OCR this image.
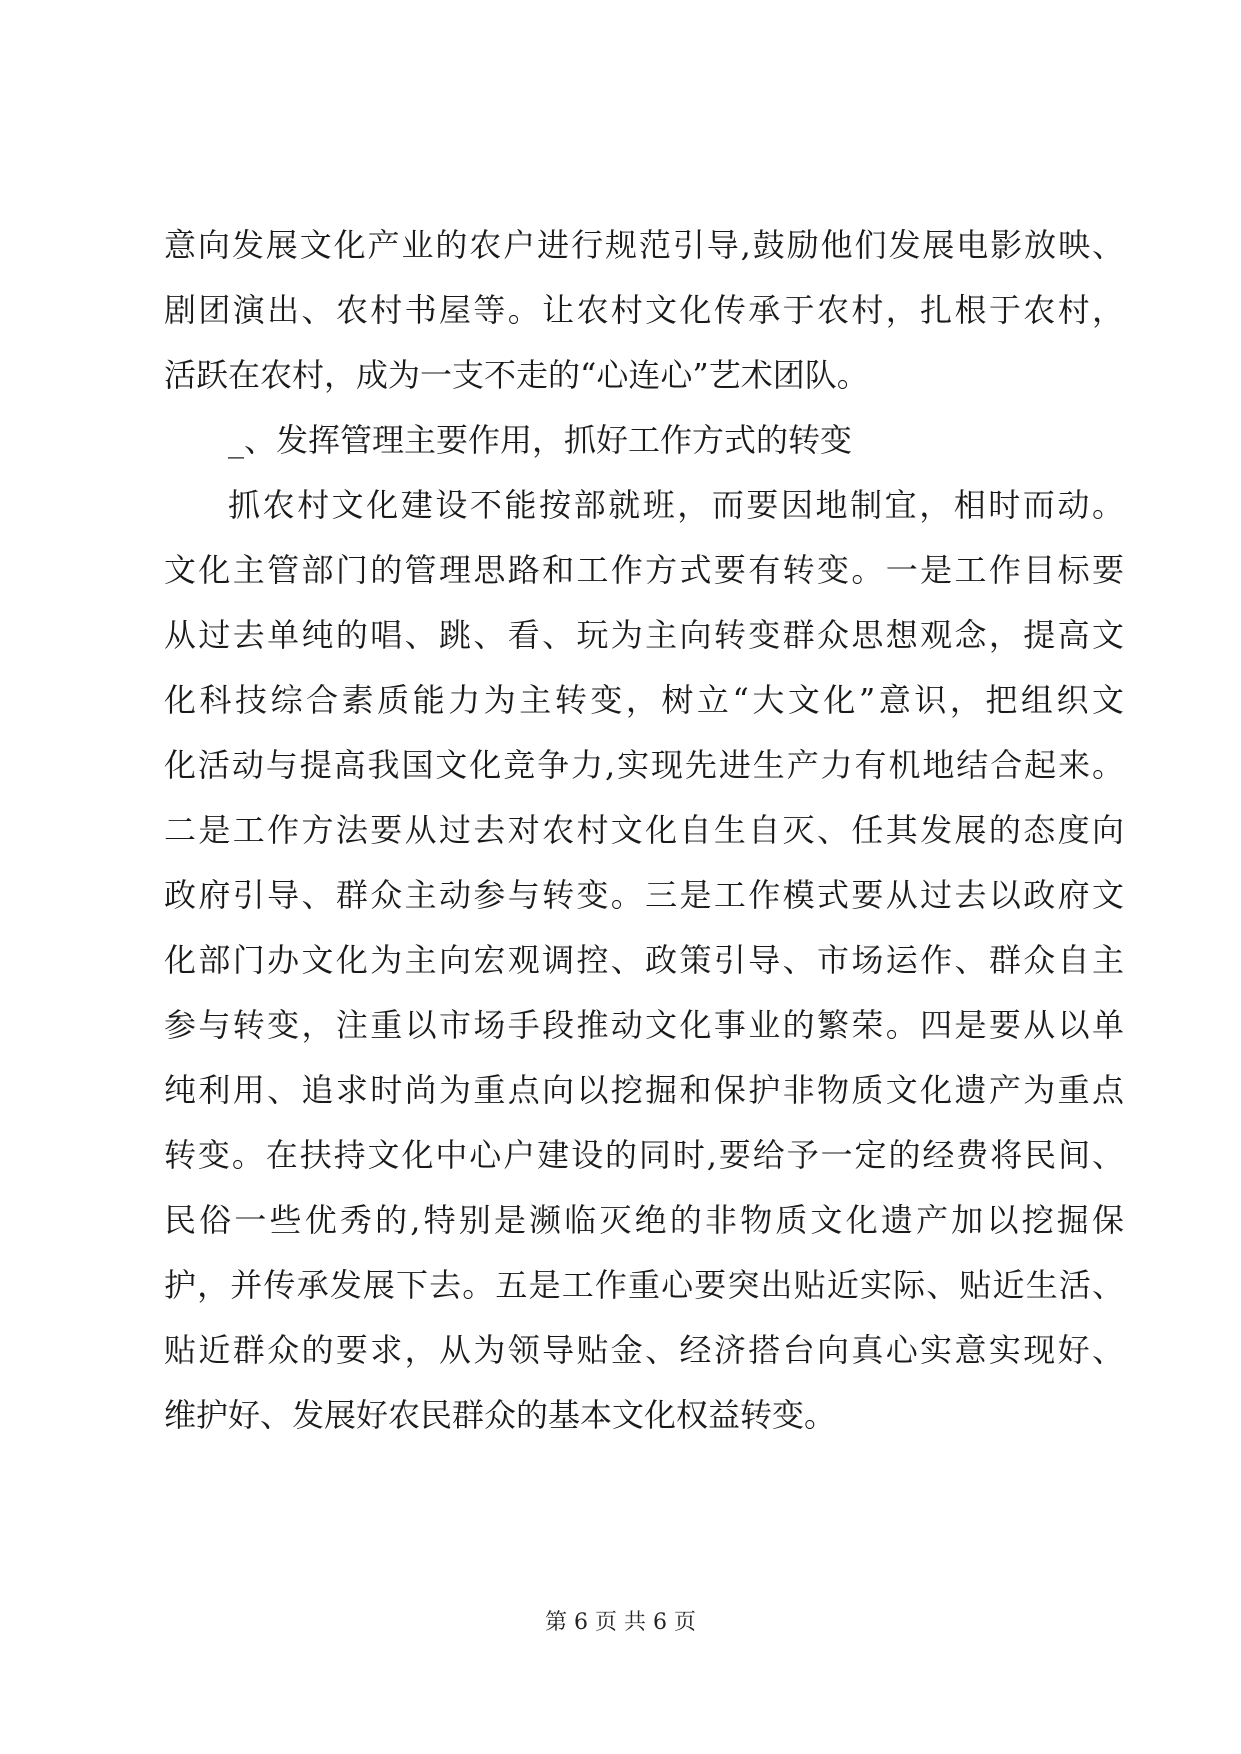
意向发展文化产业的农户进行规范引导,鼓励他们发展电影放映、
剧团演出、农村书屋等。让农村文化传承于农村，扎根于农村，
活跃在农村，成为一支不走的“心连心”艺术团队。
_、发挥管理主要作用，抓好工作方式的转变
抓农村文化建设不能按部就班，而要因地制宜，相时而动。
文化主管部门的管理思路和工作方式要有转变。一是工作目标要
从过去单纯的唱、跳、看、玩为主向转变群众思想观念，提高文
化科技综合素质能力为主转变，树立“大文化”意识，把组织文
化活动与提高我国文化竞争力,实现先进生产力有机地结合起来。
二是工作方法要从过去对农村文化自生自灭、任其发展的态度向
政府引导、群众主动参与转变。三是工作模式要从过去以政府文
化部门办文化为主向宏观调控、政策引导、市场运作、群众自主
参与转变，注重以市场手段推动文化事业的繁荣。四是要从以单
纯利用、追求时尚为重点向以挖掘和保护非物质文化遗产为重点
转变。在扶持文化中心户建设的同时,要给予一定的经费将民间、
民俗一些优秀的,特别是濒临灭绝的非物质文化遗产加以挖掘保
护，并传承发展下去。五是工作重心要突出贴近实际、贴近生活、
贴近群众的要求，从为领导贴金、经济搭台向真心实意实现好、
维护好、发展好农民群众的基本文化权益转变。
第 6 页 共 6 页
